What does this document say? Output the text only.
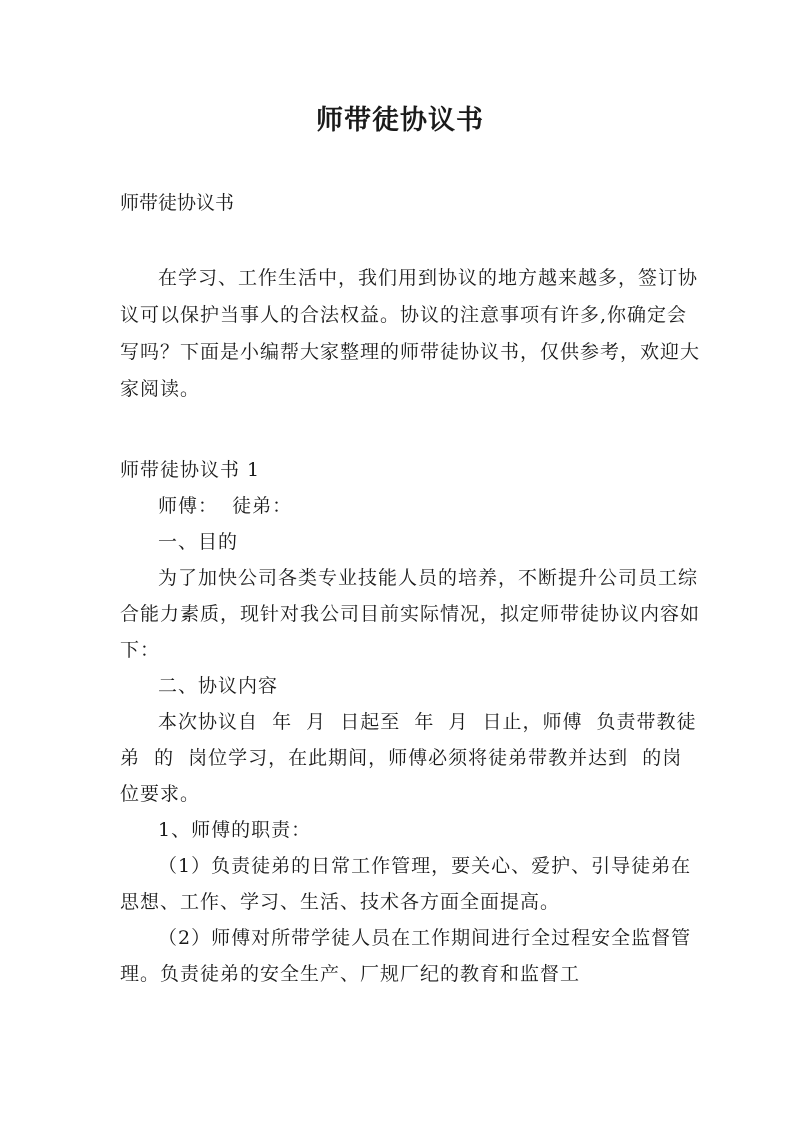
师带徒协议书

师带徒协议书

在学习、工作生活中，我们用到协议的地方越来越多，签订协议可以保护当事人的合法权益。协议的注意事项有许多,你确定会写吗？下面是小编帮大家整理的师带徒协议书，仅供参考，欢迎大家阅读。

师带徒协议书 1

师傅：  徒弟：

一、目的

为了加快公司各类专业技能人员的培养，不断提升公司员工综合能力素质，现针对我公司目前实际情况，拟定师带徒协议内容如下：

二、协议内容

本次协议自  年  月  日起至  年  月  日止，师傅  负责带教徒弟  的  岗位学习，在此期间，师傅必须将徒弟带教并达到  的岗位要求。

1、师傅的职责：

（1）负责徒弟的日常工作管理，要关心、爱护、引导徒弟在思想、工作、学习、生活、技术各方面全面提高。

（2）师傅对所带学徒人员在工作期间进行全过程安全监督管理。负责徒弟的安全生产、厂规厂纪的教育和监督工
